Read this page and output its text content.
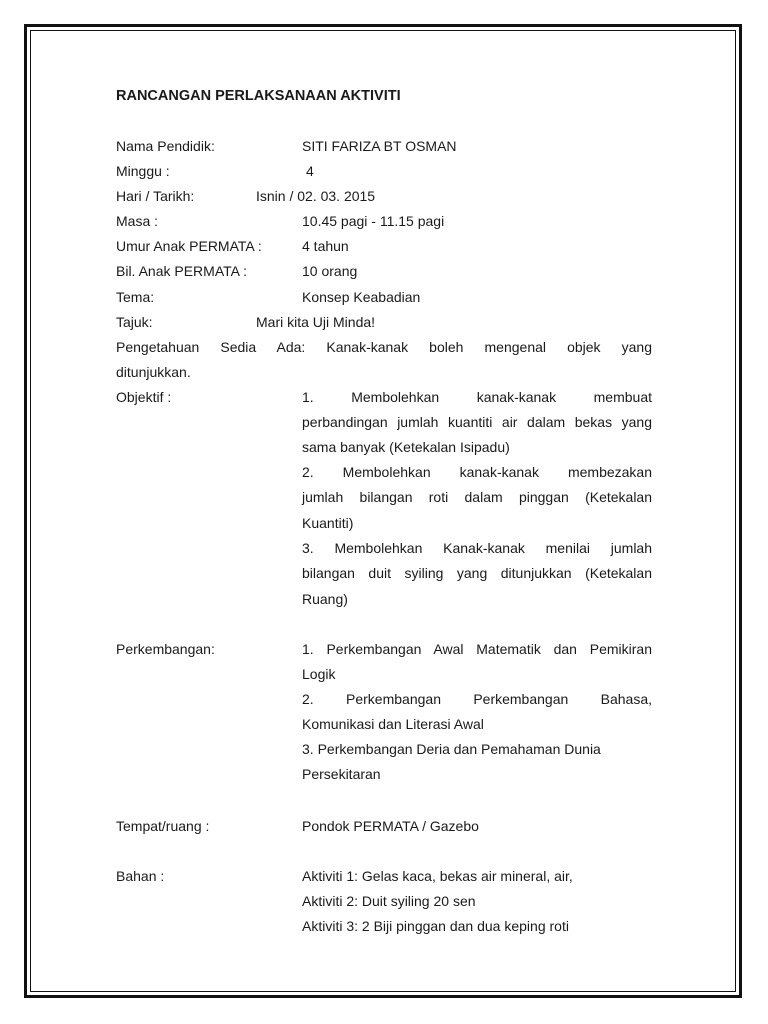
RANCANGAN PERLAKSANAAN AKTIVITI
Nama Pendidik:	SITI FARIZA BT OSMAN
Minggu :	4
Hari / Tarikh:	Isnin / 02. 03. 2015
Masa :	10.45 pagi - 11.15 pagi
Umur Anak PERMATA :	4 tahun
Bil. Anak PERMATA :	10 orang
Tema:	Konsep Keabadian
Tajuk:	Mari kita Uji Minda!
Pengetahuan Sedia Ada: Kanak-kanak boleh mengenal objek yang
ditunjukkan.
Objektif :	1. Membolehkan kanak-kanak membuat
perbandingan jumlah kuantiti air dalam bekas yang
sama banyak (Ketekalan Isipadu)
2. Membolehkan kanak-kanak membezakan
jumlah bilangan roti dalam pinggan (Ketekalan
Kuantiti)
3. Membolehkan Kanak-kanak menilai jumlah
bilangan duit syiling yang ditunjukkan (Ketekalan
Ruang)
Perkembangan:	1. Perkembangan Awal Matematik dan Pemikiran
Logik
2. Perkembangan Perkembangan Bahasa,
Komunikasi dan Literasi Awal
3. Perkembangan Deria dan Pemahaman Dunia
Persekitaran
Tempat/ruang :	Pondok PERMATA / Gazebo
Bahan :	Aktiviti 1: Gelas kaca, bekas air mineral, air,
Aktiviti 2: Duit syiling 20 sen
Aktiviti 3: 2 Biji pinggan dan dua keping roti
